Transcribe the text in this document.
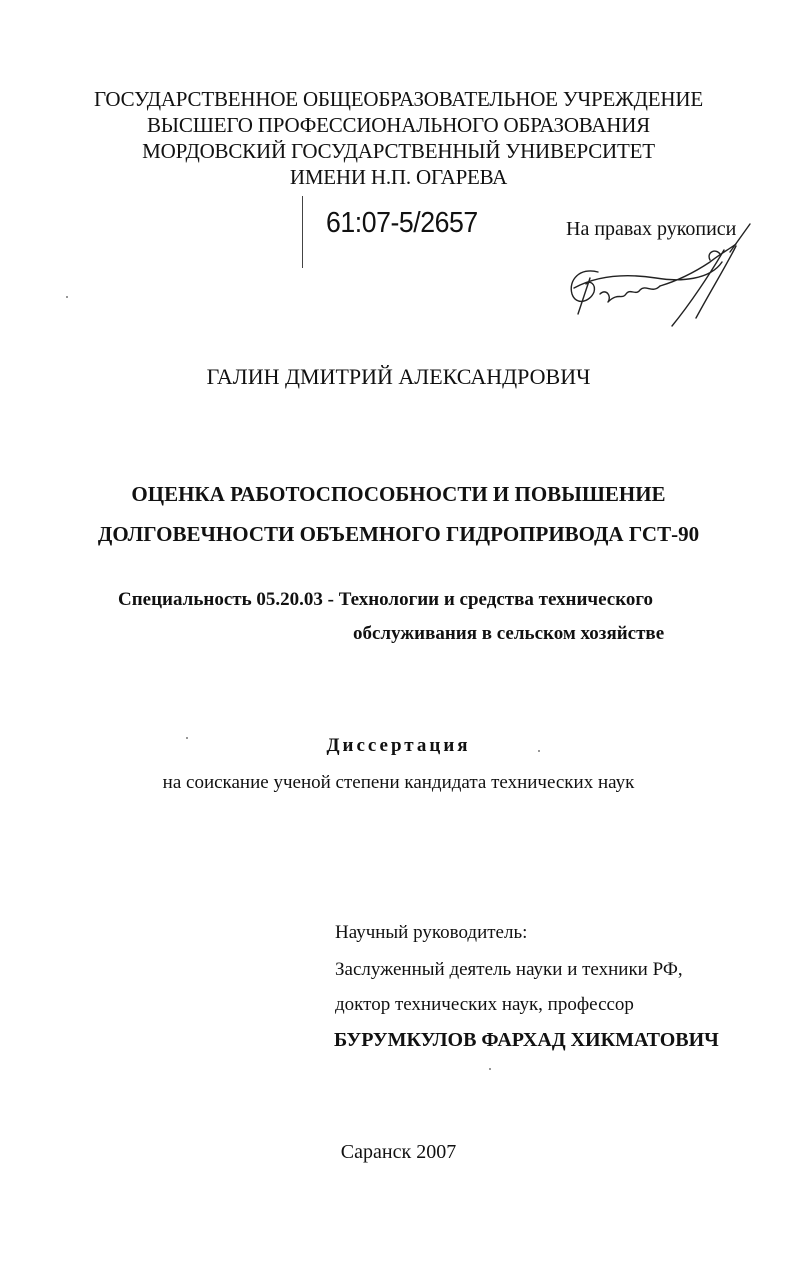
ГОСУДАРСТВЕННОЕ ОБЩЕОБРАЗОВАТЕЛЬНОЕ УЧРЕЖДЕНИЕ
ВЫСШЕГО ПРОФЕССИОНАЛЬНОГО ОБРАЗОВАНИЯ
МОРДОВСКИЙ ГОСУДАРСТВЕННЫЙ УНИВЕРСИТЕТ
ИМЕНИ Н.П. ОГАРЕВА
61:07-5/2657	На правах рукописи
ГАЛИН ДМИТРИЙ АЛЕКСАНДРОВИЧ
ОЦЕНКА РАБОТОСПОСОБНОСТИ И ПОВЫШЕНИЕ
ДОЛГОВЕЧНОСТИ ОБЪЕМНОГО ГИДРОПРИВОДА ГСТ-90
Специальность 05.20.03 - Технологии и средства технического
обслуживания в сельском хозяйстве
Диссертация
на соискание ученой степени кандидата технических наук
Научный руководитель:
Заслуженный деятель науки и техники РФ,
доктор технических наук, профессор
БУРУМКУЛОВ ФАРХАД ХИКМАТОВИЧ
Саранск 2007
